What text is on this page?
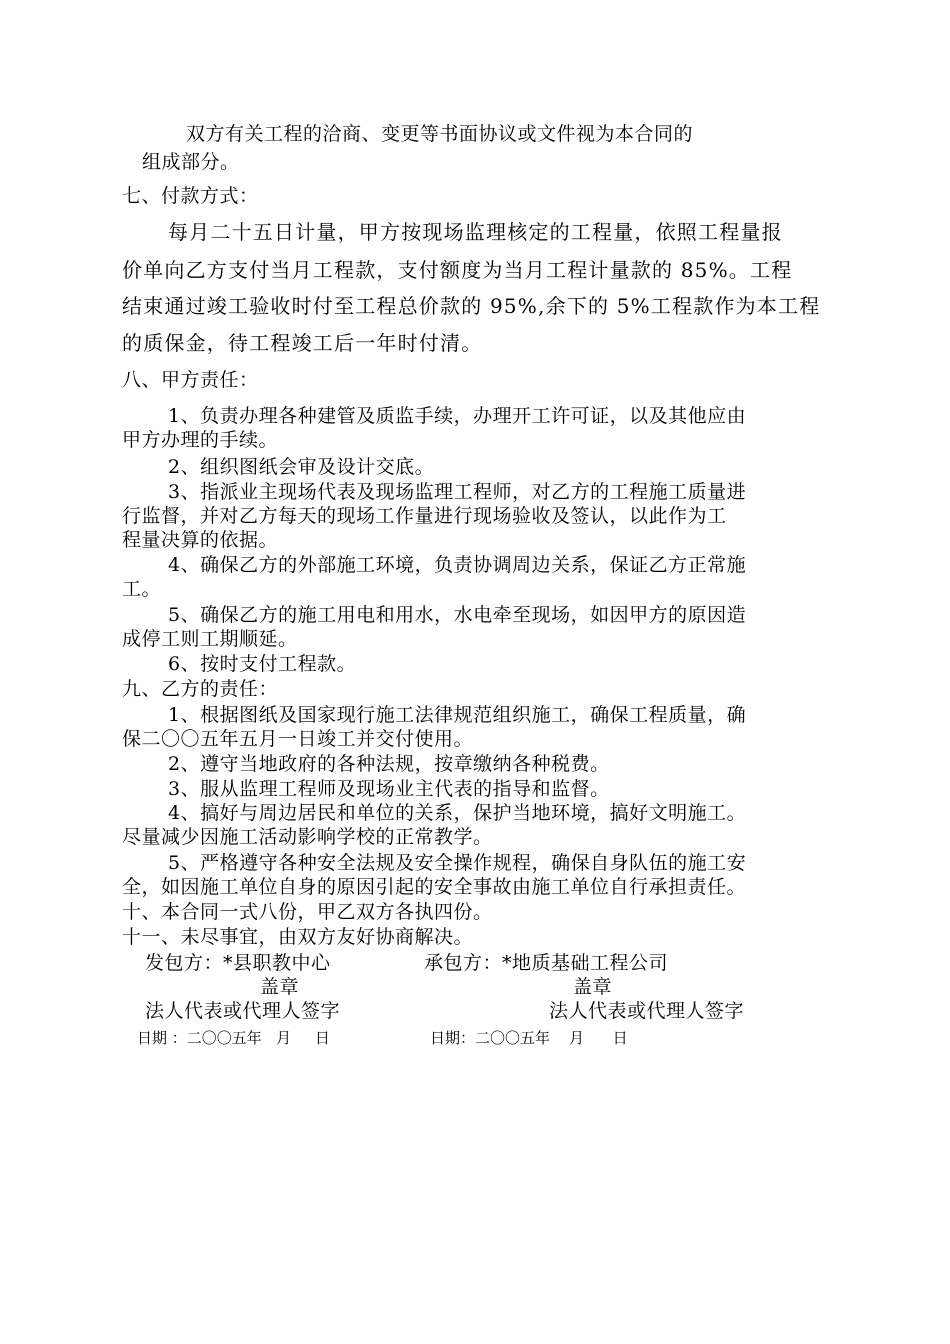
双方有关工程的洽商、变更等书面协议或文件视为本合同的
组成部分。
七、付款方式：
每月二十五日计量，甲方按现场监理核定的工程量，依照工程量报
价单向乙方支付当月工程款，支付额度为当月工程计量款的 85%。工程
结束通过竣工验收时付至工程总价款的 95%,余下的 5%工程款作为本工程
的质保金，待工程竣工后一年时付清。
八、甲方责任：
1、负责办理各种建管及质监手续，办理开工许可证，以及其他应由
甲方办理的手续。
2、组织图纸会审及设计交底。
3、指派业主现场代表及现场监理工程师，对乙方的工程施工质量进
行监督，并对乙方每天的现场工作量进行现场验收及签认，以此作为工
程量决算的依据。
4、确保乙方的外部施工环境，负责协调周边关系，保证乙方正常施
工。
5、确保乙方的施工用电和用水，水电牵至现场，如因甲方的原因造
成停工则工期顺延。
6、按时支付工程款。
九、乙方的责任：
1、根据图纸及国家现行施工法律规范组织施工，确保工程质量，确
保二〇〇五年五月一日竣工并交付使用。
2、遵守当地政府的各种法规，按章缴纳各种税费。
3、服从监理工程师及现场业主代表的指导和监督。
4、搞好与周边居民和单位的关系，保护当地环境，搞好文明施工。
尽量减少因施工活动影响学校的正常教学。
5、严格遵守各种安全法规及安全操作规程，确保自身队伍的施工安
全，如因施工单位自身的原因引起的安全事故由施工单位自行承担责任。
十、本合同一式八份，甲乙双方各执四份。
十一、未尽事宜，由双方友好协商解决。
发包方：*县职教中心	承包方：*地质基础工程公司
盖章	盖章
法人代表或代理人签字	法人代表或代理人签字
日期 ：二〇〇五年   月     日	日期：二〇〇五年    月      日
